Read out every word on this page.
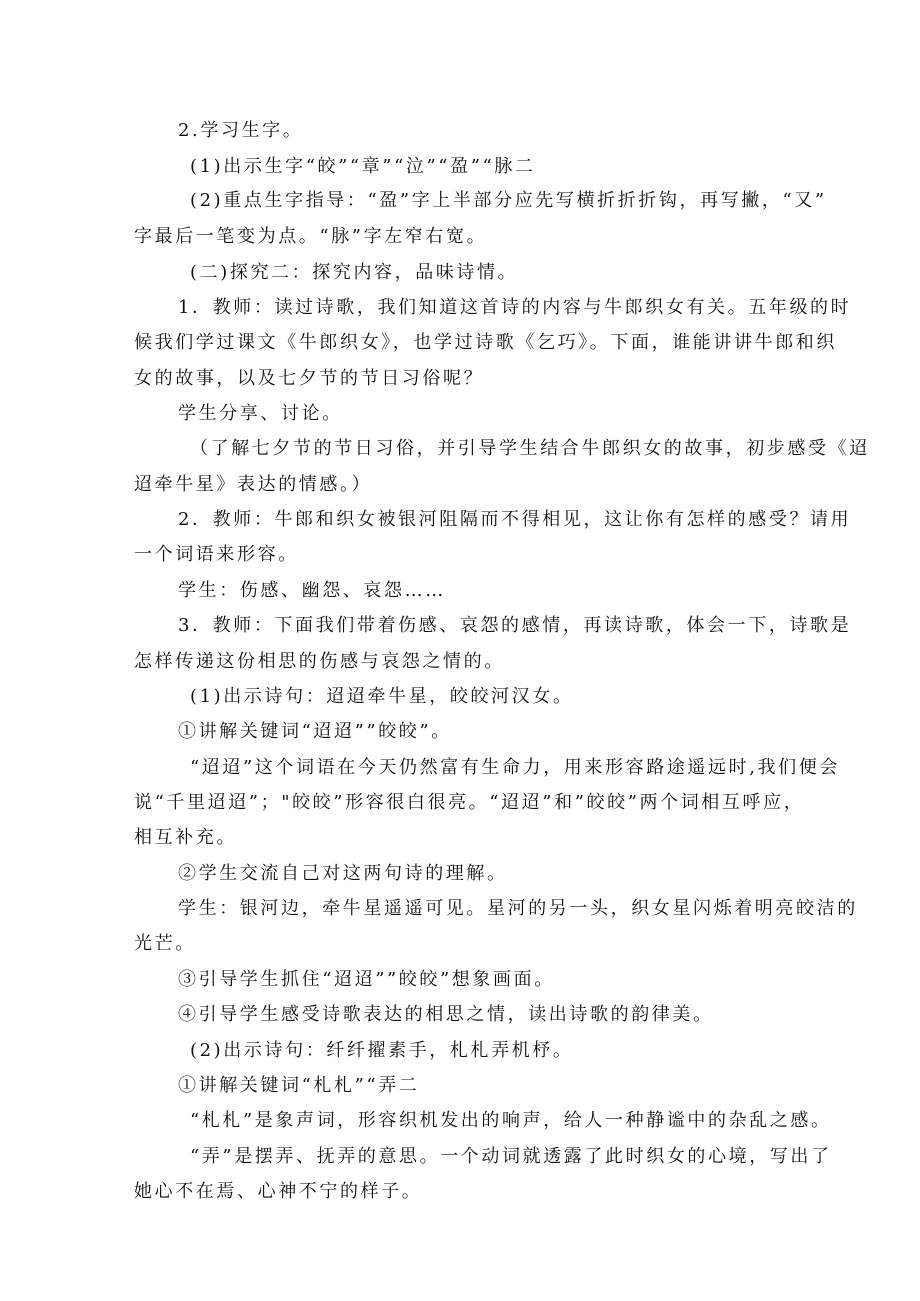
2.学习生字。
(1)出示生字“皎”“章”“泣”“盈”“脉二
(2)重点生字指导：“盈”字上半部分应先写横折折折钩，再写撇，“又”
字最后一笔变为点。“脉”字左窄右宽。
(二)探究二：探究内容，品味诗情。
1．教师：读过诗歌，我们知道这首诗的内容与牛郎织女有关。五年级的时
候我们学过课文《牛郎织女》，也学过诗歌《乞巧》。下面，谁能讲讲牛郎和织
女的故事，以及七夕节的节日习俗呢？
学生分享、讨论。
（了解七夕节的节日习俗，并引导学生结合牛郎织女的故事，初步感受《迢
迢牵牛星》表达的情感。）
2．教师：牛郎和织女被银河阻隔而不得相见，这让你有怎样的感受？请用
一个词语来形容。
学生：伤感、幽怨、哀怨……
3．教师：下面我们带着伤感、哀怨的感情，再读诗歌，体会一下，诗歌是
怎样传递这份相思的伤感与哀怨之情的。
(1)出示诗句：迢迢牵牛星，皎皎河汉女。
①讲解关键词“迢迢””皎皎”。
“迢迢”这个词语在今天仍然富有生命力，用来形容路途遥远时,我们便会
说“千里迢迢”；"皎皎”形容很白很亮。“迢迢”和”皎皎”两个词相互呼应，
相互补充。
②学生交流自己对这两句诗的理解。
学生：银河边，牵牛星遥遥可见。星河的另一头，织女星闪烁着明亮皎洁的
光芒。
③引导学生抓住“迢迢””皎皎”想象画面。
④引导学生感受诗歌表达的相思之情，读出诗歌的韵律美。
(2)出示诗句：纤纤擢素手，札札弄机杼。
①讲解关键词“札札”“弄二
“札札”是象声词，形容织机发出的响声，给人一种静谧中的杂乱之感。
“弄”是摆弄、抚弄的意思。一个动词就透露了此时织女的心境，写出了
她心不在焉、心神不宁的样子。
